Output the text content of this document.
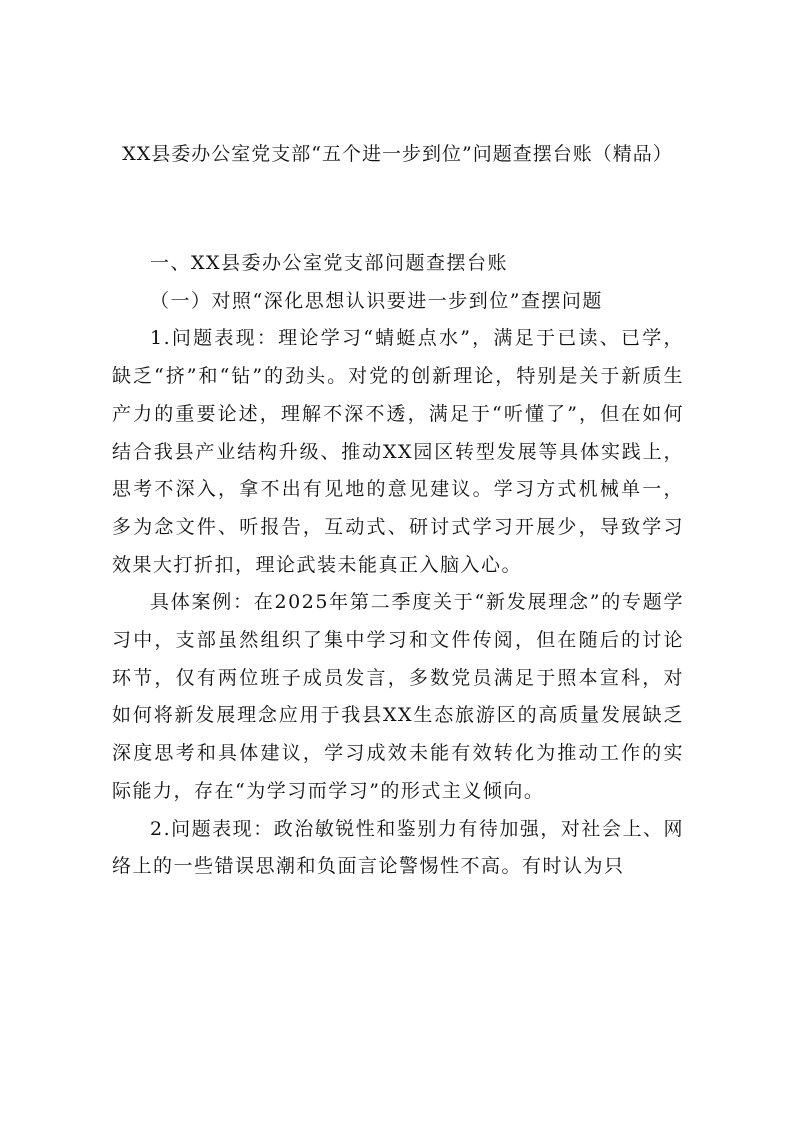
XX县委办公室党支部“五个进一步到位”问题查摆台账（精品）

一、XX县委办公室党支部问题查摆台账

（一）对照“深化思想认识要进一步到位”查摆问题

1.问题表现：理论学习“蜻蜓点水”，满足于已读、已学，缺乏“挤”和“钻”的劲头。对党的创新理论，特别是关于新质生产力的重要论述，理解不深不透，满足于“听懂了”，但在如何结合我县产业结构升级、推动XX园区转型发展等具体实践上，思考不深入，拿不出有见地的意见建议。学习方式机械单一，多为念文件、听报告，互动式、研讨式学习开展少，导致学习效果大打折扣，理论武装未能真正入脑入心。

具体案例：在2025年第二季度关于“新发展理念”的专题学习中，支部虽然组织了集中学习和文件传阅，但在随后的讨论环节，仅有两位班子成员发言，多数党员满足于照本宣科，对如何将新发展理念应用于我县XX生态旅游区的高质量发展缺乏深度思考和具体建议，学习成效未能有效转化为推动工作的实际能力，存在“为学习而学习”的形式主义倾向。

2.问题表现：政治敏锐性和鉴别力有待加强，对社会上、网络上的一些错误思潮和负面言论警惕性不高。有时认为只
